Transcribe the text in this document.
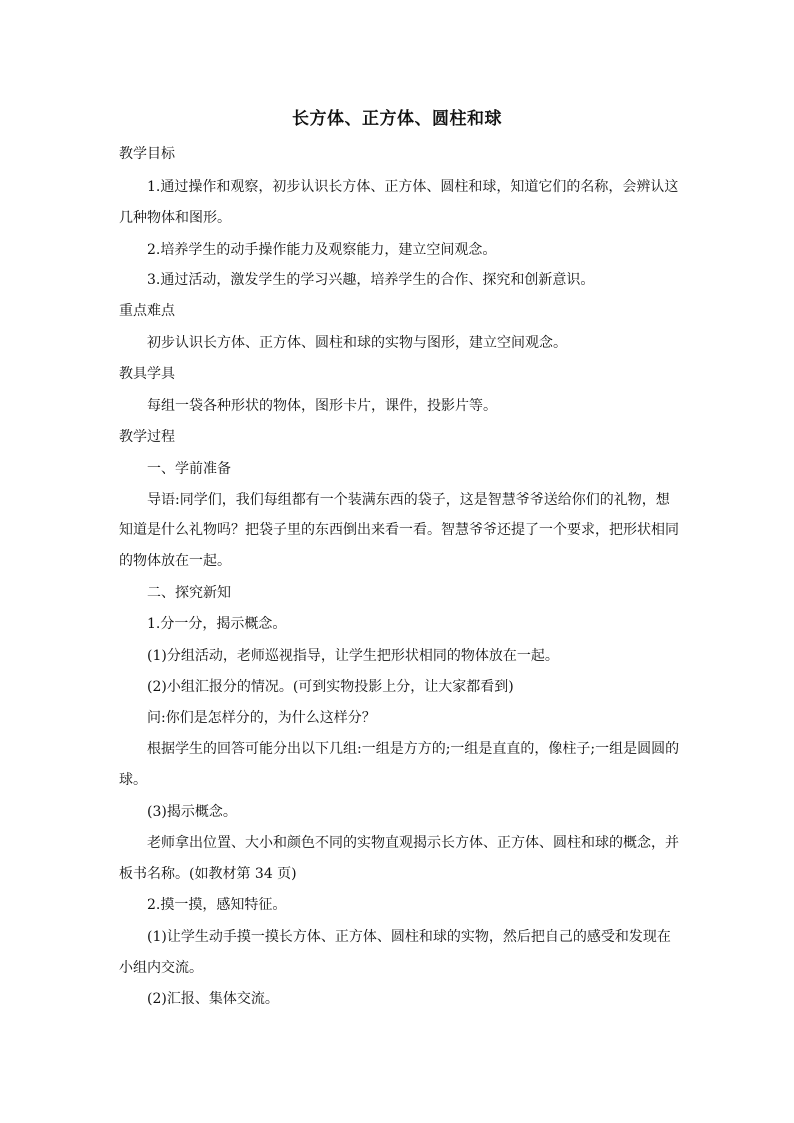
长方体、正方体、圆柱和球
教学目标
1.通过操作和观察，初步认识长方体、正方体、圆柱和球，知道它们的名称，会辨认这
几种物体和图形。
2.培养学生的动手操作能力及观察能力，建立空间观念。
3.通过活动，激发学生的学习兴趣，培养学生的合作、探究和创新意识。
重点难点
初步认识长方体、正方体、圆柱和球的实物与图形，建立空间观念。
教具学具
每组一袋各种形状的物体，图形卡片，课件，投影片等。
教学过程
一、学前准备
导语:同学们，我们每组都有一个装满东西的袋子，这是智慧爷爷送给你们的礼物，想
知道是什么礼物吗？把袋子里的东西倒出来看一看。智慧爷爷还提了一个要求，把形状相同
的物体放在一起。
二、探究新知
1.分一分，揭示概念。
(1)分组活动，老师巡视指导，让学生把形状相同的物体放在一起。
(2)小组汇报分的情况。(可到实物投影上分，让大家都看到)
问:你们是怎样分的，为什么这样分？
根据学生的回答可能分出以下几组:一组是方方的;一组是直直的，像柱子;一组是圆圆的
球。
(3)揭示概念。
老师拿出位置、大小和颜色不同的实物直观揭示长方体、正方体、圆柱和球的概念，并
板书名称。(如教材第 34 页)
2.摸一摸，感知特征。
(1)让学生动手摸一摸长方体、正方体、圆柱和球的实物，然后把自己的感受和发现在
小组内交流。
(2)汇报、集体交流。
